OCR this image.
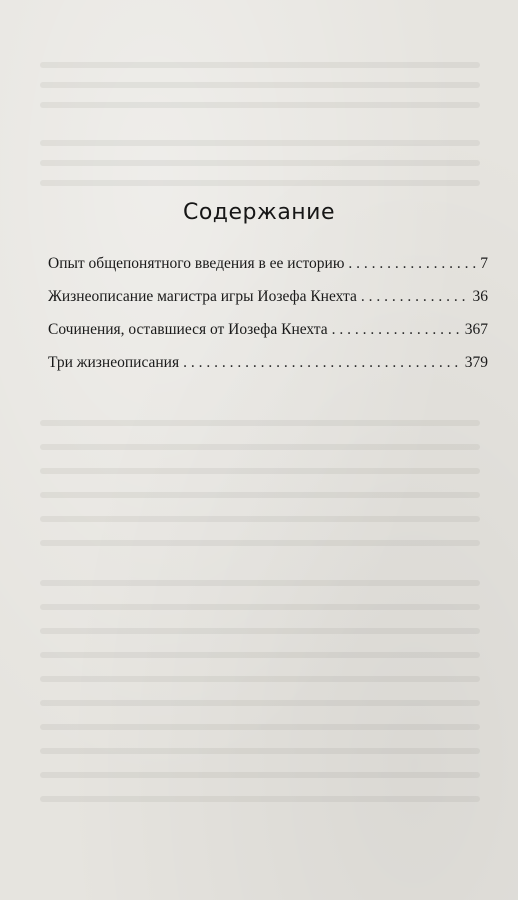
Содержание
Опыт общепонятного введения в ее историю . . .	7
Жизнеописание магистра игры Иозефа Кнехта . . .	36
Сочинения, оставшиеся от Иозефа Кнехта . . .	367
Три жизнеописания . . .	379
